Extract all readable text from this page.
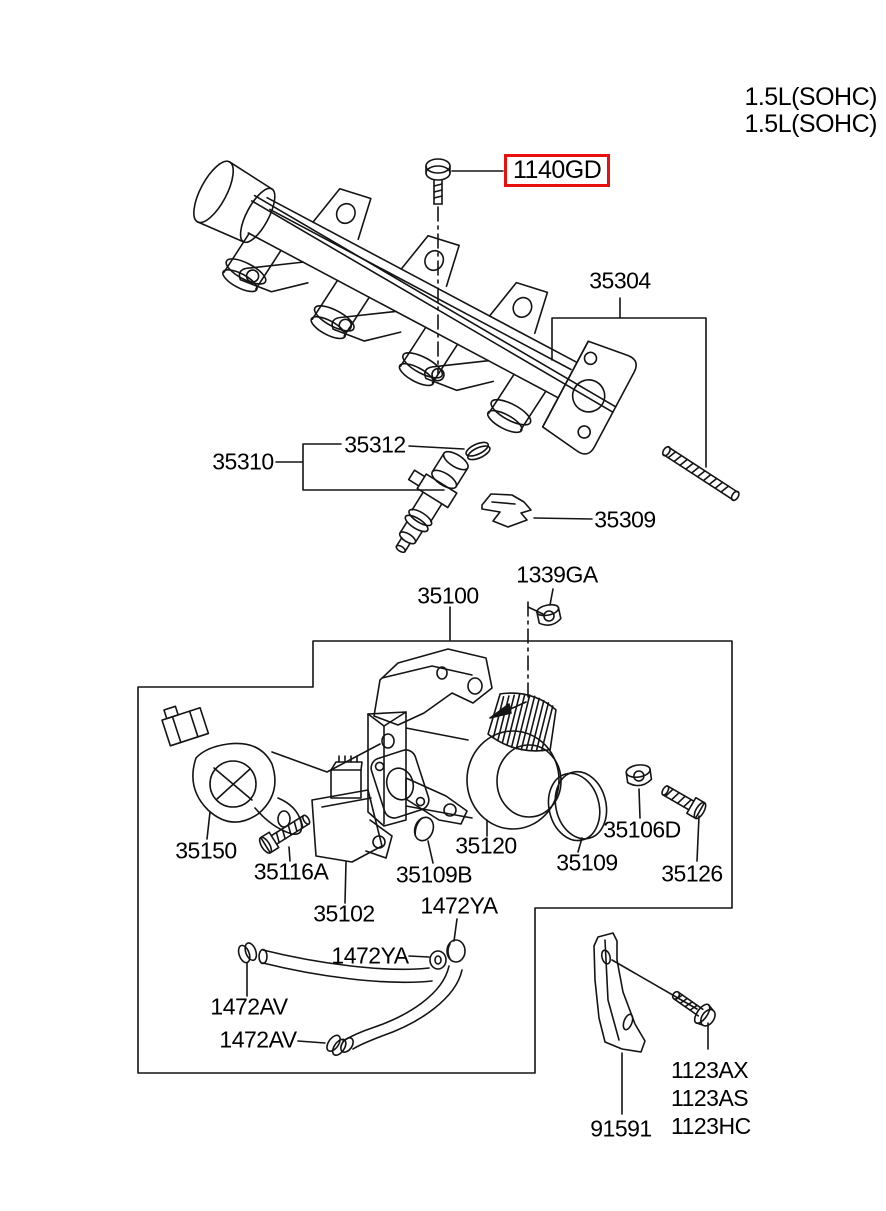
1.5L(SOHC)
1.5L(SOHC)
1140GD
35304
35310
35312
35309
1339GA
35100
35150
35116A
35102
35109B
35120
35109
35106D
35126
1472YA
1472YA
1472AV
1472AV
91591
1123AX
1123AS
1123HC
